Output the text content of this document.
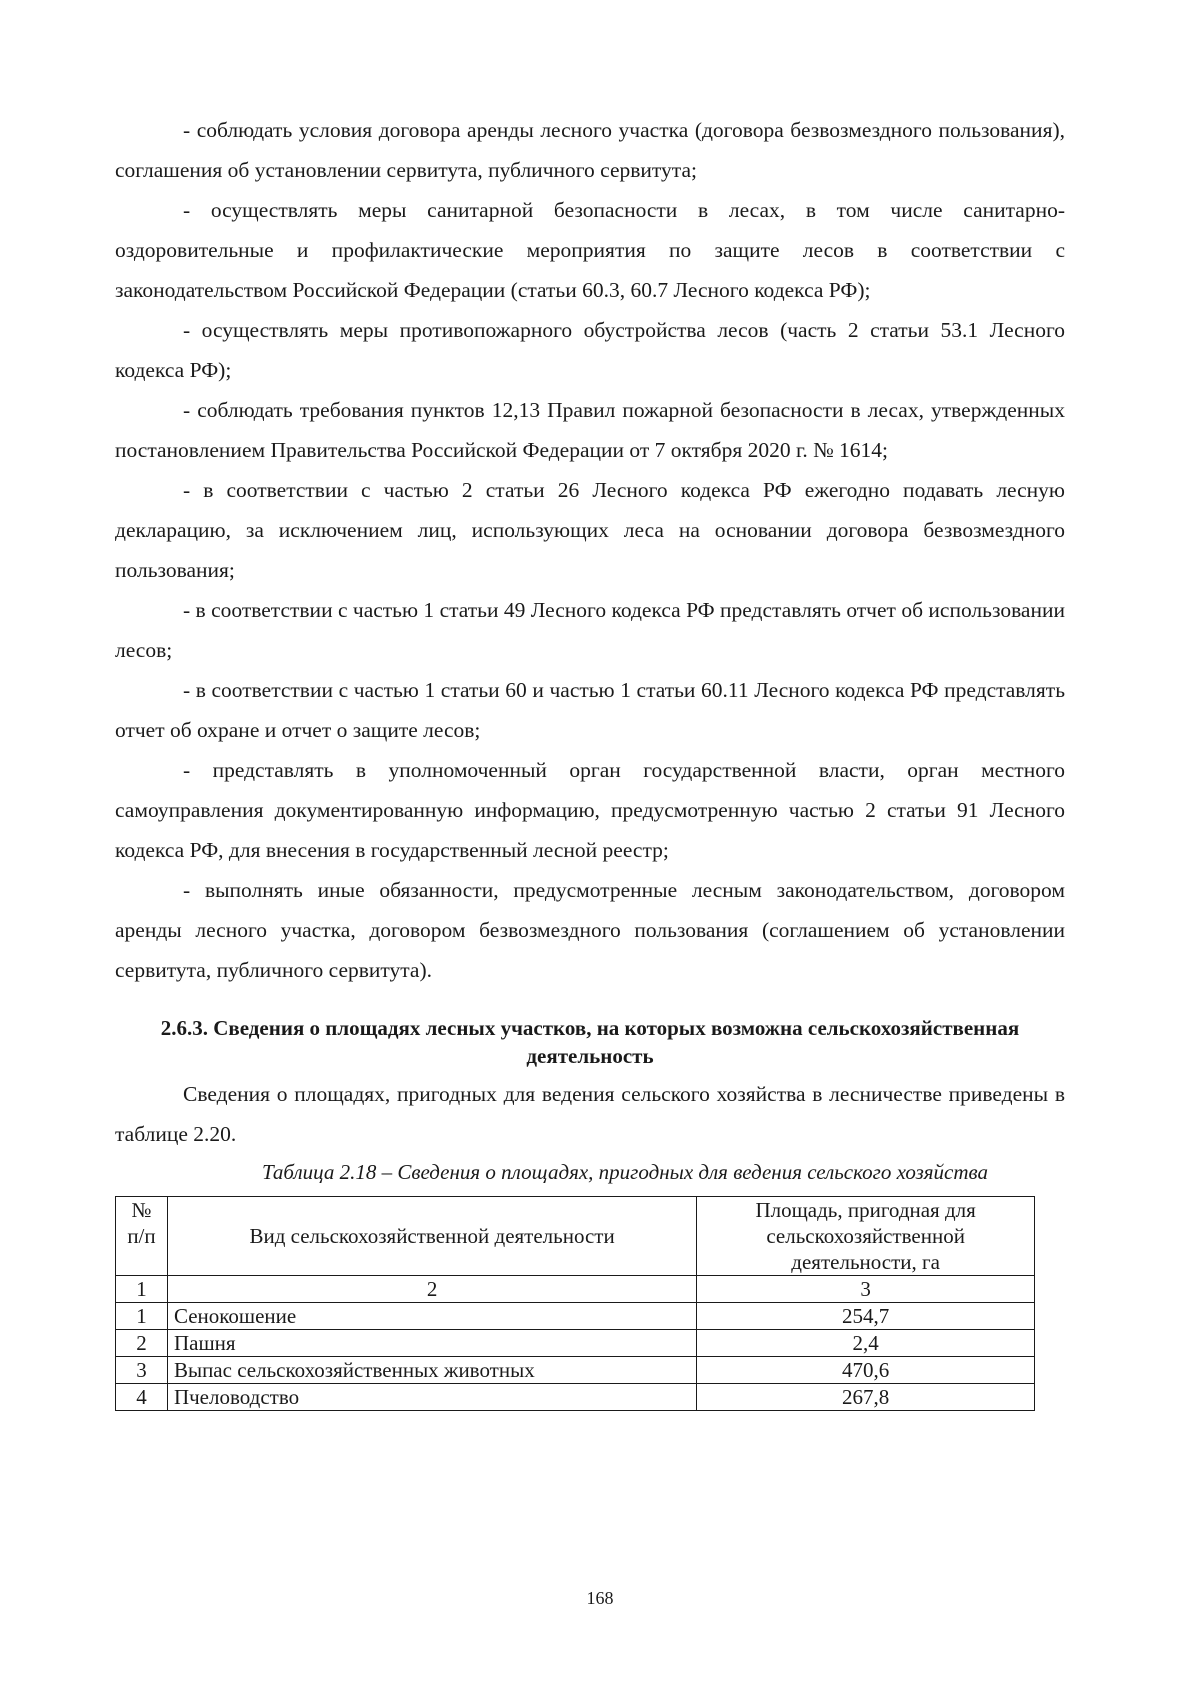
- соблюдать условия договора аренды лесного участка (договора безвозмездного пользования), соглашения об установлении сервитута, публичного сервитута;

- осуществлять меры санитарной безопасности в лесах, в том числе санитарно-оздоровительные и профилактические мероприятия по защите лесов в соответствии с законодательством Российской Федерации (статьи 60.3, 60.7 Лесного кодекса РФ);

- осуществлять меры противопожарного обустройства лесов (часть 2 статьи 53.1 Лесного кодекса РФ);

- соблюдать требования пунктов 12,13 Правил пожарной безопасности в лесах, утвержденных постановлением Правительства Российской Федерации от 7 октября 2020 г. № 1614;

- в соответствии с частью 2 статьи 26 Лесного кодекса РФ ежегодно подавать лесную декларацию, за исключением лиц, использующих леса на основании договора безвозмездного пользования;

- в соответствии с частью 1 статьи 49 Лесного кодекса РФ представлять отчет об использовании лесов;

- в соответствии с частью 1 статьи 60 и частью 1 статьи 60.11 Лесного кодекса РФ представлять отчет об охране и отчет о защите лесов;

- представлять в уполномоченный орган государственной власти, орган местного самоуправления документированную информацию, предусмотренную частью 2 статьи 91 Лесного кодекса РФ, для внесения в государственный лесной реестр;

- выполнять иные обязанности, предусмотренные лесным законодательством, договором аренды лесного участка, договором безвозмездного пользования (соглашением об установлении сервитута, публичного сервитута).

2.6.3. Сведения о площадях лесных участков, на которых возможна сельскохозяйственная деятельность

Сведения о площадях, пригодных для ведения сельского хозяйства в лесничестве приведены в таблице 2.20.

Таблица 2.18 – Сведения о площадях, пригодных для ведения сельского хозяйства
№ п/п	Вид сельскохозяйственной деятельности	Площадь, пригодная для сельскохозяйственной деятельности, га
1	2	3
1	Сенокошение	254,7
2	Пашня	2,4
3	Выпас сельскохозяйственных животных	470,6
4	Пчеловодство	267,8
168
